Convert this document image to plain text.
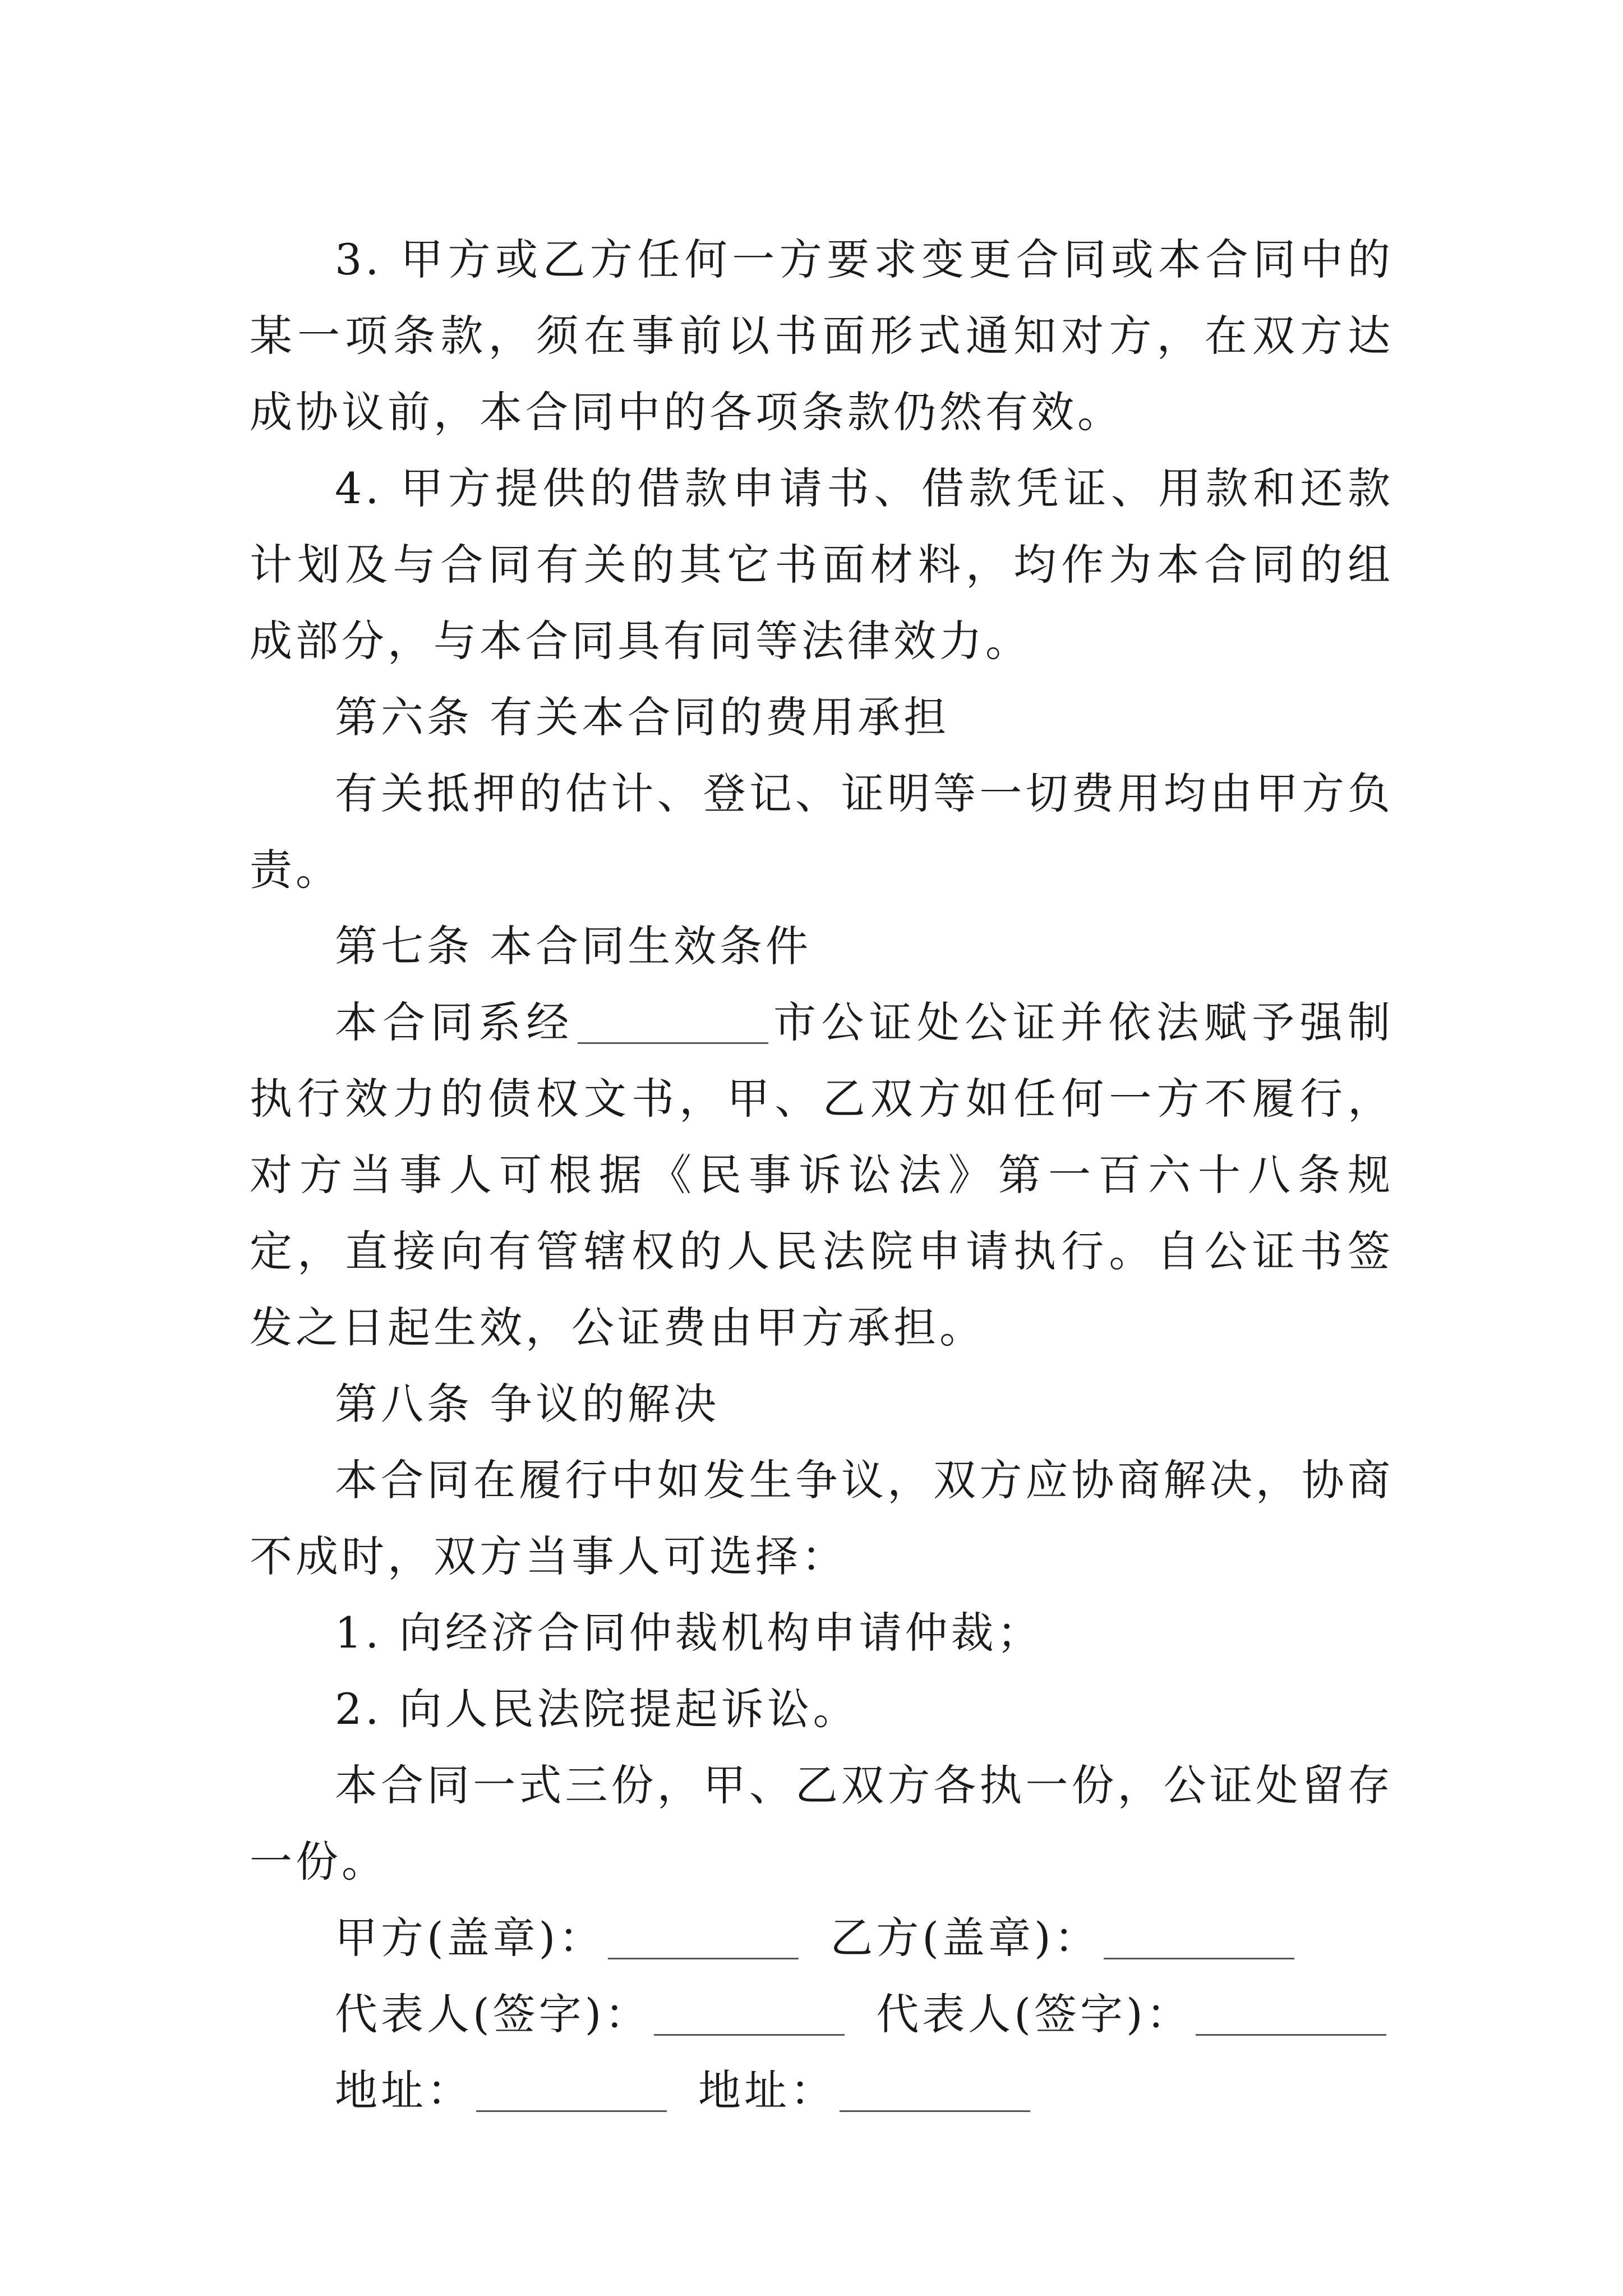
3. 甲方或乙方任何一方要求变更合同或本合同中的某一项条款，须在事前以书面形式通知对方，在双方达成协议前，本合同中的各项条款仍然有效。

4. 甲方提供的借款申请书、借款凭证、用款和还款计划及与合同有关的其它书面材料，均作为本合同的组成部分，与本合同具有同等法律效力。

第六条 有关本合同的费用承担

有关抵押的估计、登记、证明等一切费用均由甲方负责。

第七条 本合同生效条件

本合同系经	市公证处公证并依法赋予强制执行效力的债权文书，甲、乙双方如任何一方不履行，对方当事人可根据《民事诉讼法》第一百六十八条规定，直接向有管辖权的人民法院申请执行。自公证书签发之日起生效，公证费由甲方承担。

第八条 争议的解决

本合同在履行中如发生争议，双方应协商解决，协商不成时，双方当事人可选择：

1. 向经济合同仲裁机构申请仲裁；

2. 向人民法院提起诉讼。

本合同一式三份，甲、乙双方各执一份，公证处留存一份。

甲方(盖章)：	乙方(盖章)：
代表人(签字)：	代表人(签字)：
地址：	地址：
